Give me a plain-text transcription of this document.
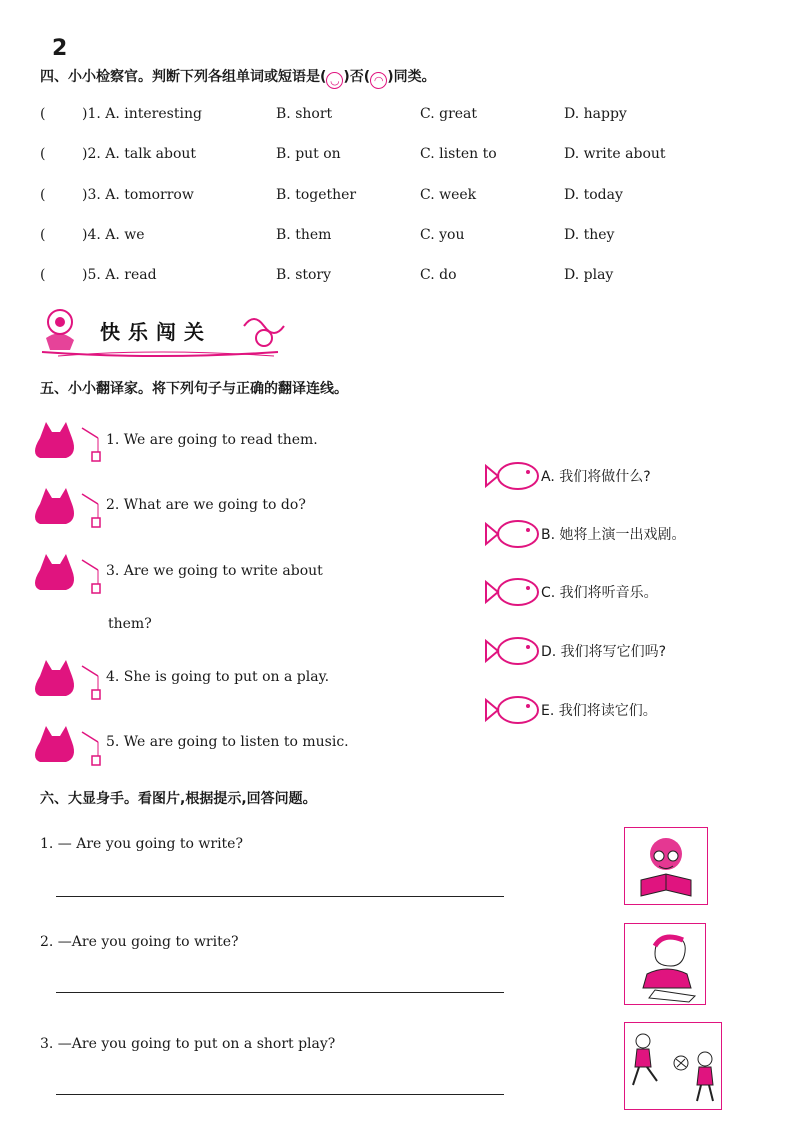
2
四、小小检察官。判断下列各组单词或短语是( ◡ )否( ◠ )同类。
(	)1. A. interesting	B. short	C. great	D. happy
(	)2. A. talk about	B. put on	C. listen to	D. write about
(	)3. A. tomorrow	B. together	C. week	D. today
(	)4. A. we	B. them	C. you	D. they
(	)5. A. read	B. story	C. do	D. play
快乐闯关
五、小小翻译家。将下列句子与正确的翻译连线。
1. We are going to read them.
2. What are we going to do?
3. Are we going to write about
them?
4. She is going to put on a play.
5. We are going to listen to music.
A. 我们将做什么?
B. 她将上演一出戏剧。
C. 我们将听音乐。
D. 我们将写它们吗?
E. 我们将读它们。
六、大显身手。看图片,根据提示,回答问题。
1. — Are you going to write?
2. —Are you going to write?
3. —Are you going to put on a short play?
